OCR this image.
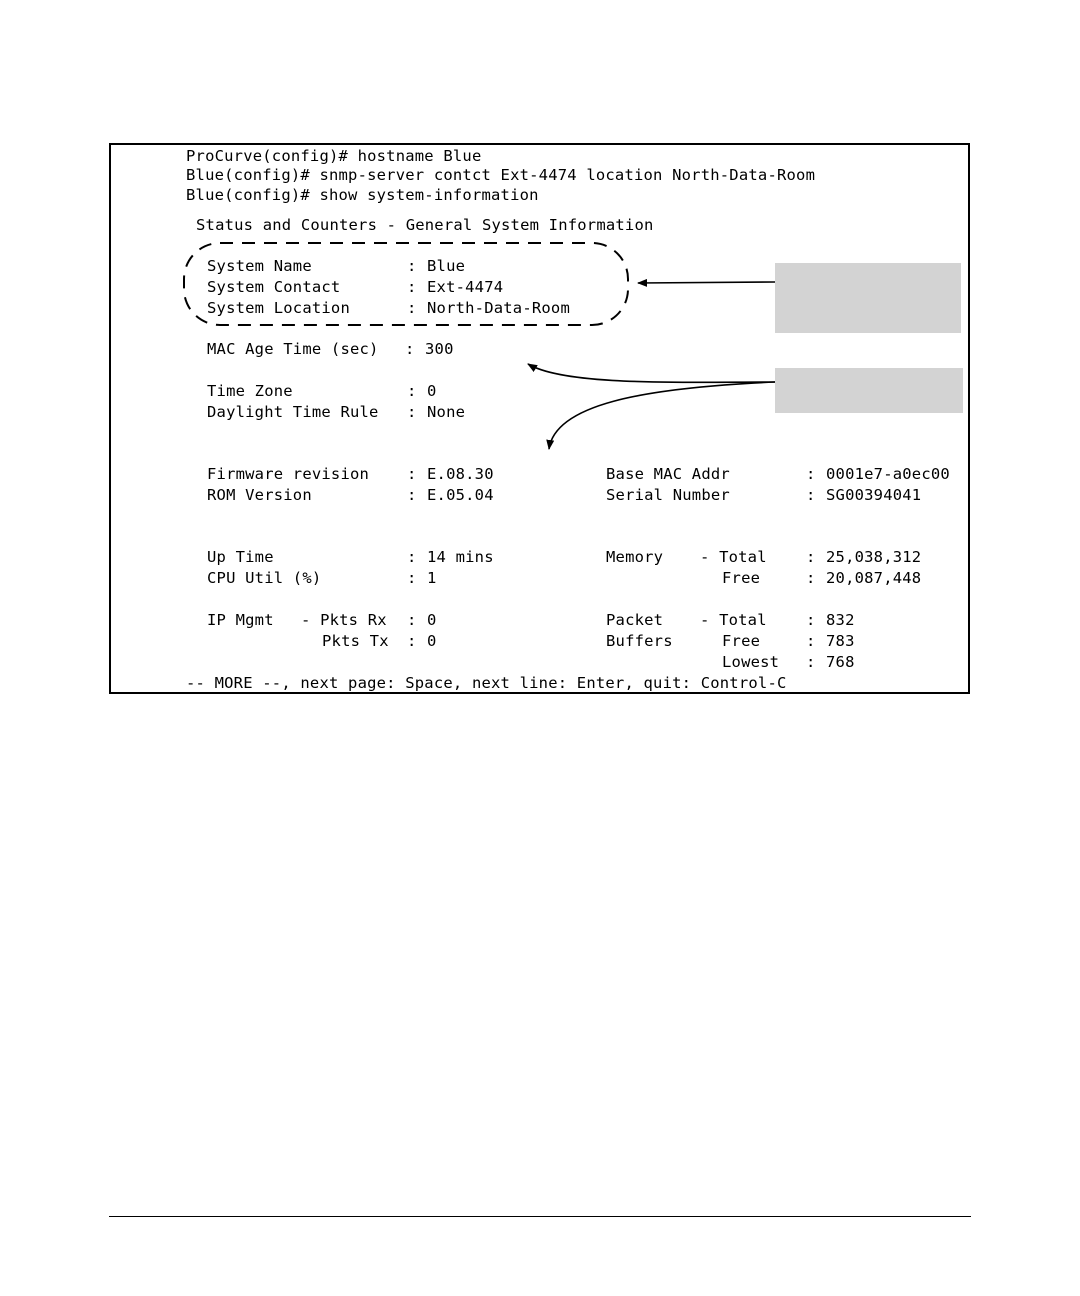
ProCurve(config)# hostname Blue
Blue(config)# snmp-server contct Ext-4474 location North-Data-Room
Blue(config)# show system-information
Status and Counters - General System Information
System Name	: Blue
System Contact	: Ext-4474
System Location	: North-Data-Room
MAC Age Time (sec) : 300
Time Zone	: 0
Daylight Time Rule : None
Firmware revision : E.08.30	Base MAC Addr	: 0001e7-a0ec00
ROM Version	: E.05.04	Serial Number	: SG00394041
Up Time	: 14 mins	Memory - Total	: 25,038,312
CPU Util (%)	: 1	Free	: 20,087,448
IP Mgmt - Pkts Rx : 0	Packet - Total	: 832
Pkts Tx : 0	Buffers	Free	: 783
Lowest : 768
-- MORE --, next page: Space, next line: Enter, quit: Control-C
